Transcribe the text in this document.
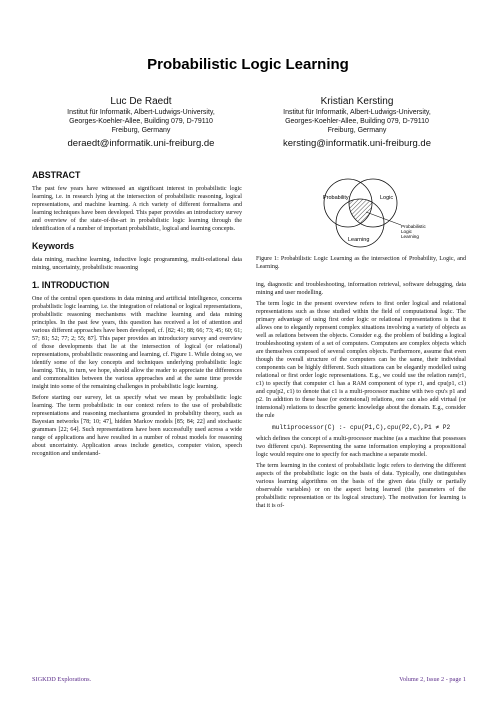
Probabilistic Logic Learning
Luc De Raedt
Institut für Informatik, Albert-Ludwigs-University,
Georges-Koehler-Allee, Building 079, D-79110
Freiburg, Germany
deraedt@informatik.uni-freiburg.de
Kristian Kersting
Institut für Informatik, Albert-Ludwigs-University,
Georges-Koehler-Allee, Building 079, D-79110
Freiburg, Germany
kersting@informatik.uni-freiburg.de
ABSTRACT

The past few years have witnessed an significant interest in probabilistic logic learning, i.e. in research lying at the intersection of probabilistic reasoning, logical representations, and machine learning. A rich variety of different formalisms and learning techniques have been developed. This paper provides an introductory survey and overview of the state-of-the-art in probabilistic logic learning through the identification of a number of important probabilistic, logical and learning concepts.

Keywords

data mining, machine learning, inductive logic programming, multi-relational data mining, uncertainty, probabilistic reasoning

1. INTRODUCTION

One of the central open questions in data mining and artificial intelligence, concerns probabilistic logic learning, i.e. the integration of relational or logical representations, probabilistic reasoning mechanisms with machine learning and data mining principles. In the past few years, this question has received a lot of attention and various different approaches have been developed, cf. [82; 41; 88; 66; 73; 45; 60; 61; 57; 81; 52; 77; 2; 55; 87]. This paper provides an introductory survey and overview of those developments that lie at the intersection of logical (or relational) representations, probabilistic reasoning and learning, cf. Figure 1. While doing so, we identify some of the key concepts and techniques underlying probabilistic logic learning. This, in turn, we hope, should allow the reader to appreciate the differences and commonalities between the various approaches and at the same time provide insight into some of the remaining challenges in probabilistic logic learning.

Before starting our survey, let us specify what we mean by probabilistic logic learning. The term probabilistic in our context refers to the use of probabilistic representations and reasoning mechanisms grounded in probability theory, such as Bayesian networks [78; 10; 47], hidden Markov models [85; 84; 22] and stochastic grammars [22; 64]. Such representations have been successfully used across a wide range of applications and have resulted in a number of robust models for reasoning about uncertainty. Application areas include genetics, computer vision, speech recognition and understand-

Probability	Logic
Learning
Probabilistic
Logic
Learning
Figure 1: Probabilistic Logic Learning as the intersection of Probability, Logic, and Learning.

ing, diagnostic and troubleshooting, information retrieval, software debugging, data mining and user modelling.

The term logic in the present overview refers to first order logical and relational representations such as those studied within the field of computational logic. The primary advantage of using first order logic or relational representations is that it allows one to elegantly represent complex situations involving a variety of objects as well as relations between the objects. Consider e.g. the problem of building a logical troubleshooting system of a set of computers. Computers are complex objects which are themselves composed of several complex objects. Furthermore, assume that even though the overall structure of the computers can be the same, their individual components can be highly different. Such situations can be elegantly modelled using relational or first order logic representations. E.g., we could use the relation ram(r1, c1) to specify that computer c1 has a RAM component of type r1, and cpu(p1, c1) and cpu(p2, c1) to denote that c1 is a multi-processor machine with two cpu's p1 and p2. In addition to these base (or extensional) relations, one can also add virtual (or intensional) relations to describe generic knowledge about the domain. E.g., consider the rule

multiprocessor(C) :- cpu(P1,C),cpu(P2,C),P1 ≠ P2

which defines the concept of a multi-processor machine (as a machine that possesses two different cpu's). Representing the same information employing a propositional logic would require one to specify for each machine a separate model.

The term learning in the context of probabilistic logic refers to deriving the different aspects of the probabilistic logic on the basis of data. Typically, one distinguishes various learning algorithms on the basis of the given data (fully or partially observable variables) or on the aspect being learned (the parameters of the probabilistic representation or its logical structure). The motivation for learning is that it is of-

SIGKDD Explorations.	Volume 2, Issue 2 - page 1
